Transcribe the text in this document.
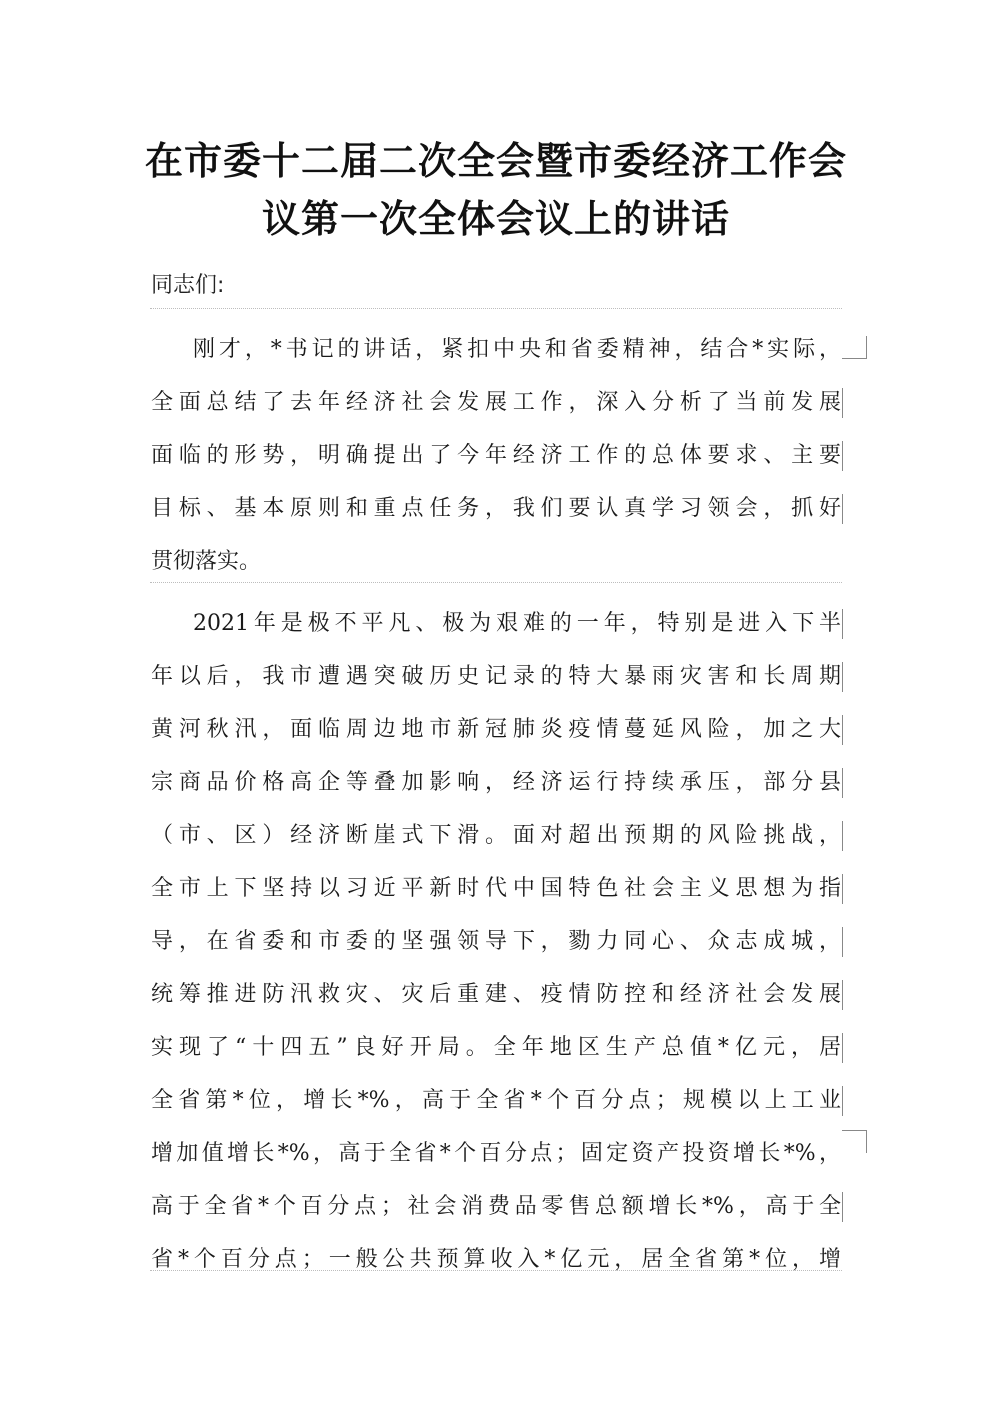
在市委十二届二次全会暨市委经济工作会
议第一次全体会议上的讲话
同志们:
刚才，*书记的讲话，紧扣中央和省委精神，结合*实际，
全面总结了去年经济社会发展工作，深入分析了当前发展
面临的形势，明确提出了今年经济工作的总体要求、主要
目标、基本原则和重点任务，我们要认真学习领会，抓好
贯彻落实。
2021年是极不平凡、极为艰难的一年，特别是进入下半
年以后，我市遭遇突破历史记录的特大暴雨灾害和长周期
黄河秋汛，面临周边地市新冠肺炎疫情蔓延风险，加之大
宗商品价格高企等叠加影响，经济运行持续承压，部分县
（市、区）经济断崖式下滑。面对超出预期的风险挑战，
全市上下坚持以习近平新时代中国特色社会主义思想为指
导，在省委和市委的坚强领导下，勠力同心、众志成城，
统筹推进防汛救灾、灾后重建、疫情防控和经济社会发展
实现了“十四五”良好开局。全年地区生产总值*亿元，居
全省第*位，增长*%，高于全省*个百分点；规模以上工业
增加值增长*%，高于全省*个百分点；固定资产投资增长*%，
高于全省*个百分点；社会消费品零售总额增长*%，高于全
省*个百分点；一般公共预算收入*亿元，居全省第*位，增
